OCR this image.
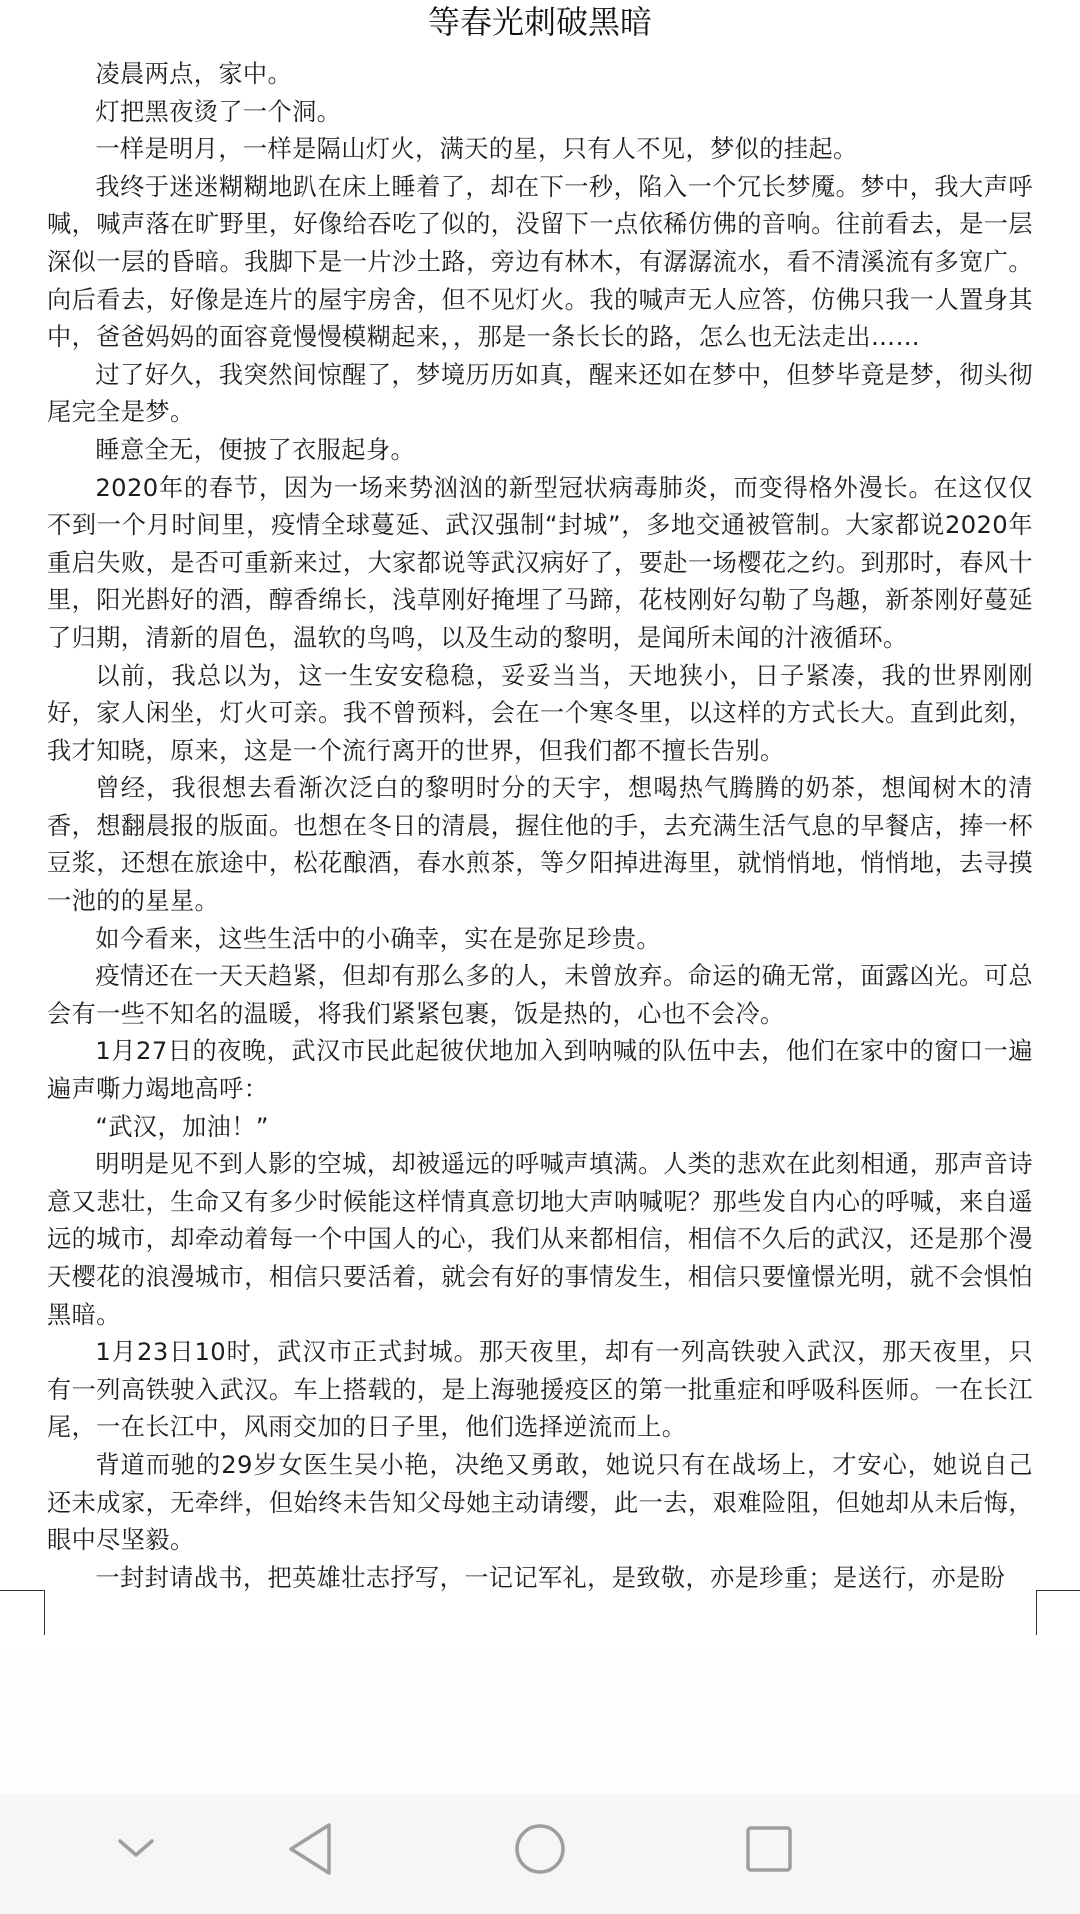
等春光刺破黑暗

凌晨两点，家中。

灯把黑夜烫了一个洞。

一样是明月，一样是隔山灯火，满天的星，只有人不见，梦似的挂起。

我终于迷迷糊糊地趴在床上睡着了，却在下一秒，陷入一个冗长梦魇。梦中，我大声呼喊，喊声落在旷野里，好像给吞吃了似的，没留下一点依稀仿佛的音响。往前看去，是一层深似一层的昏暗。我脚下是一片沙土路，旁边有林木，有潺潺流水，看不清溪流有多宽广。向后看去，好像是连片的屋宇房舍，但不见灯火。我的喊声无人应答，仿佛只我一人置身其中，爸爸妈妈的面容竟慢慢模糊起来，，那是一条长长的路，怎么也无法走出……

过了好久，我突然间惊醒了，梦境历历如真，醒来还如在梦中，但梦毕竟是梦，彻头彻尾完全是梦。

睡意全无，便披了衣服起身。

2020年的春节，因为一场来势汹汹的新型冠状病毒肺炎，而变得格外漫长。在这仅仅不到一个月时间里，疫情全球蔓延、武汉强制“封城”，多地交通被管制。大家都说2020年重启失败，是否可重新来过，大家都说等武汉病好了，要赴一场樱花之约。到那时，春风十里，阳光斟好的酒，醇香绵长，浅草刚好掩埋了马蹄，花枝刚好勾勒了鸟趣，新茶刚好蔓延了归期，清新的眉色，温软的鸟鸣，以及生动的黎明，是闻所未闻的汁液循环。

以前，我总以为，这一生安安稳稳，妥妥当当，天地狭小，日子紧凑，我的世界刚刚好，家人闲坐，灯火可亲。我不曾预料，会在一个寒冬里，以这样的方式长大。直到此刻，我才知晓，原来，这是一个流行离开的世界，但我们都不擅长告别。

曾经，我很想去看渐次泛白的黎明时分的天宇，想喝热气腾腾的奶茶，想闻树木的清香，想翻晨报的版面。也想在冬日的清晨，握住他的手，去充满生活气息的早餐店，捧一杯豆浆，还想在旅途中，松花酿酒，春水煎茶，等夕阳掉进海里，就悄悄地，悄悄地，去寻摸一池的的星星。

如今看来，这些生活中的小确幸，实在是弥足珍贵。

疫情还在一天天趋紧，但却有那么多的人，未曾放弃。命运的确无常，面露凶光。可总会有一些不知名的温暖，将我们紧紧包裹，饭是热的，心也不会冷。

1月27日的夜晚，武汉市民此起彼伏地加入到呐喊的队伍中去，他们在家中的窗口一遍遍声嘶力竭地高呼：

“武汉，加油！”

明明是见不到人影的空城，却被遥远的呼喊声填满。人类的悲欢在此刻相通，那声音诗意又悲壮，生命又有多少时候能这样情真意切地大声呐喊呢？那些发自内心的呼喊，来自遥远的城市，却牵动着每一个中国人的心，我们从来都相信，相信不久后的武汉，还是那个漫天樱花的浪漫城市，相信只要活着，就会有好的事情发生，相信只要憧憬光明，就不会惧怕黑暗。

1月23日10时，武汉市正式封城。那天夜里，却有一列高铁驶入武汉，那天夜里，只有一列高铁驶入武汉。车上搭载的，是上海驰援疫区的第一批重症和呼吸科医师。一在长江尾，一在长江中，风雨交加的日子里，他们选择逆流而上。

背道而驰的29岁女医生吴小艳，决绝又勇敢，她说只有在战场上，才安心，她说自己还未成家，无牵绊，但始终未告知父母她主动请缨，此一去，艰难险阻，但她却从未后悔，眼中尽坚毅。

一封封请战书，把英雄壮志抒写，一记记军礼，是致敬，亦是珍重；是送行，亦是盼
